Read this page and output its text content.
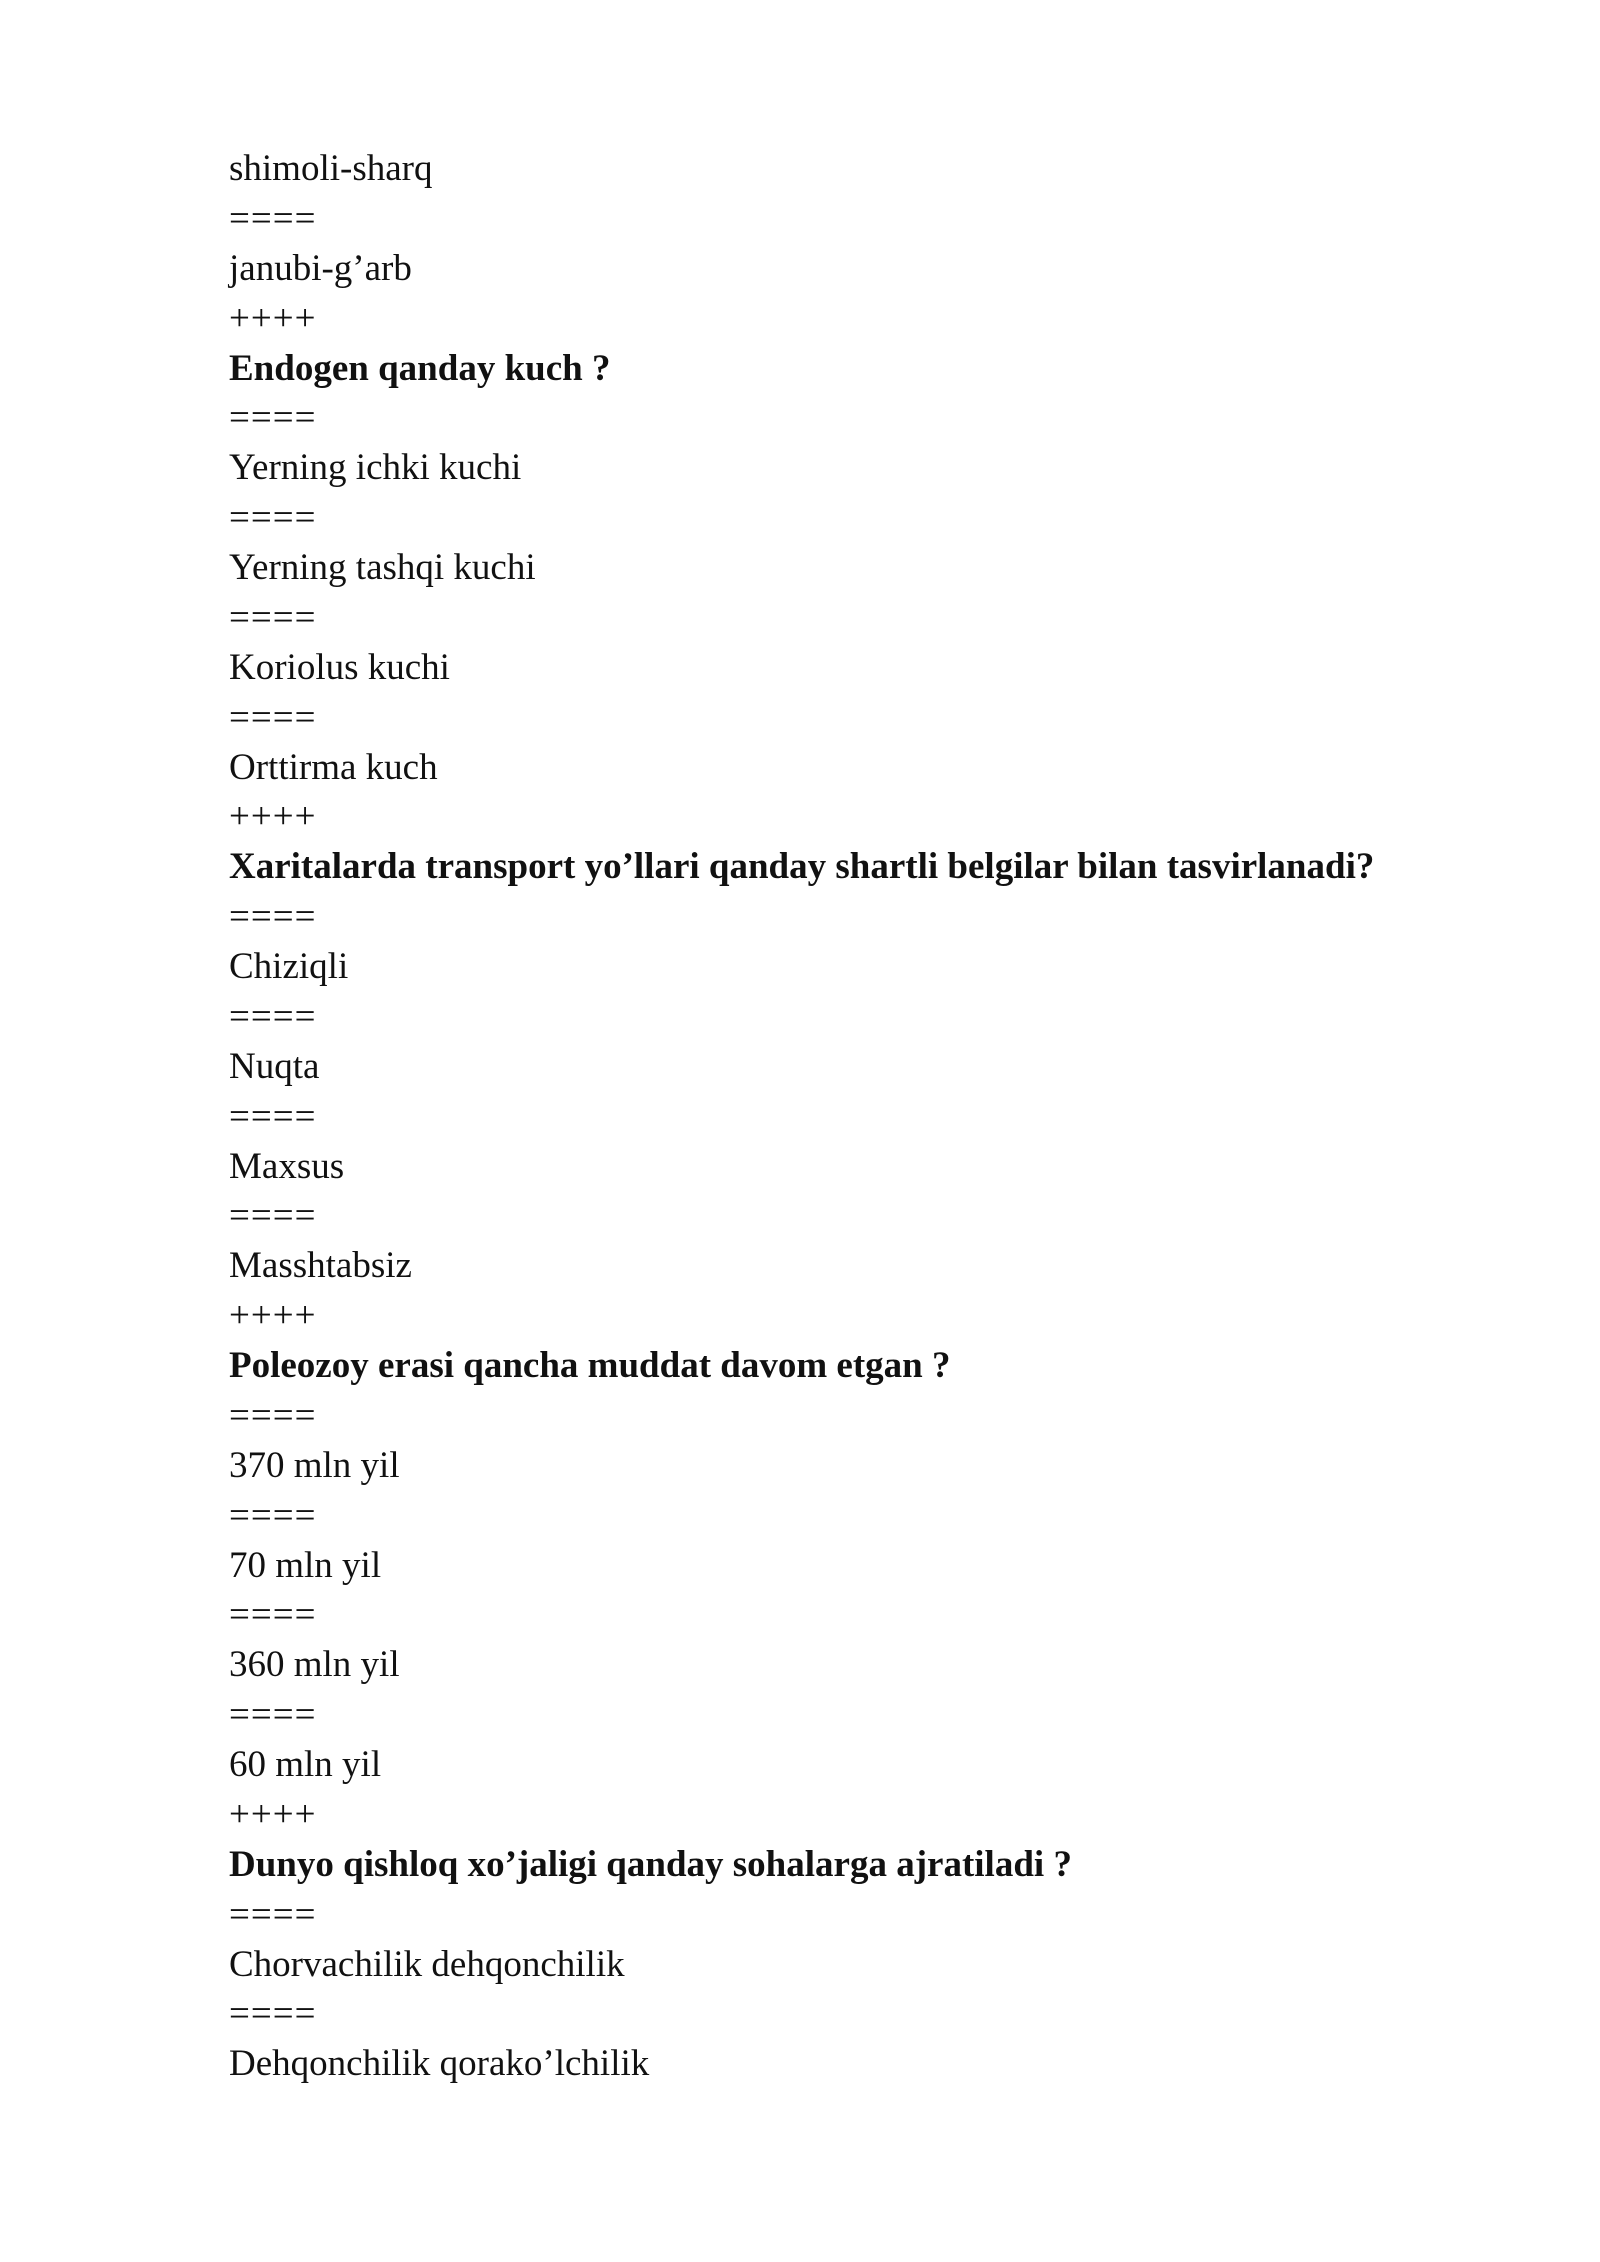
shimoli-sharq
====
janubi-g’arb
++++
Endogen qanday kuch ?
====
Yerning ichki kuchi
====
Yerning tashqi kuchi
====
Koriolus kuchi
====
Orttirma kuch
++++
Xaritalarda transport yo’llari qanday shartli belgilar bilan tasvirlanadi?
====
Chiziqli
====
Nuqta
====
Maxsus
====
Masshtabsiz
++++
Poleozoy erasi qancha muddat davom etgan ?
====
370 mln yil
====
70 mln yil
====
360 mln yil
====
60 mln yil
++++
Dunyo qishloq xo’jaligi qanday sohalarga ajratiladi ?
====
Chorvachilik dehqonchilik
====
Dehqonchilik qorako’lchilik
